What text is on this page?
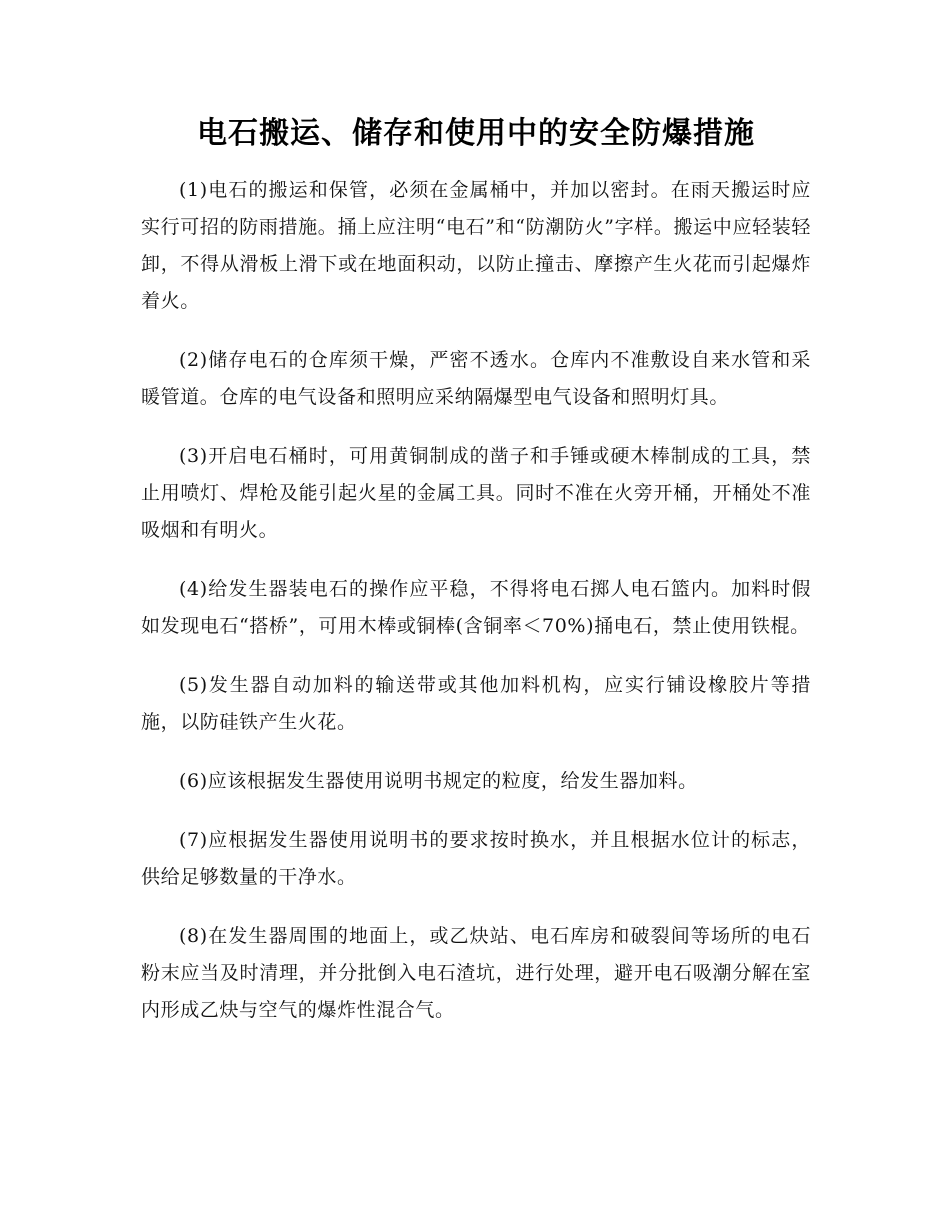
电石搬运、储存和使用中的安全防爆措施

(1)电石的搬运和保管，必须在金属桶中，并加以密封。在雨天搬运时应实行可招的防雨措施。捅上应注明“电石”和“防潮防火”字样。搬运中应轻装轻卸，不得从滑板上滑下或在地面积动，以防止撞击、摩擦产生火花而引起爆炸着火。

(2)储存电石的仓库须干燥，严密不透水。仓库内不准敷设自来水管和采暖管道。仓库的电气设备和照明应采纳隔爆型电气设备和照明灯具。

(3)开启电石桶时，可用黄铜制成的凿子和手锤或硬木棒制成的工具，禁止用喷灯、焊枪及能引起火星的金属工具。同时不准在火旁开桶，开桶处不准吸烟和有明火。

(4)给发生器装电石的操作应平稳，不得将电石掷人电石篮内。加料时假如发现电石“搭桥”，可用木棒或铜棒(含铜率＜70%)捅电石，禁止使用铁棍。

(5)发生器自动加料的输送带或其他加料机构，应实行铺设橡胶片等措施，以防硅铁产生火花。

(6)应该根据发生器使用说明书规定的粒度，给发生器加料。

(7)应根据发生器使用说明书的要求按时换水，并且根据水位计的标志，供给足够数量的干净水。

(8)在发生器周围的地面上，或乙炔站、电石库房和破裂间等场所的电石粉末应当及时清理，并分批倒入电石渣坑，进行处理，避开电石吸潮分解在室内形成乙炔与空气的爆炸性混合气。
